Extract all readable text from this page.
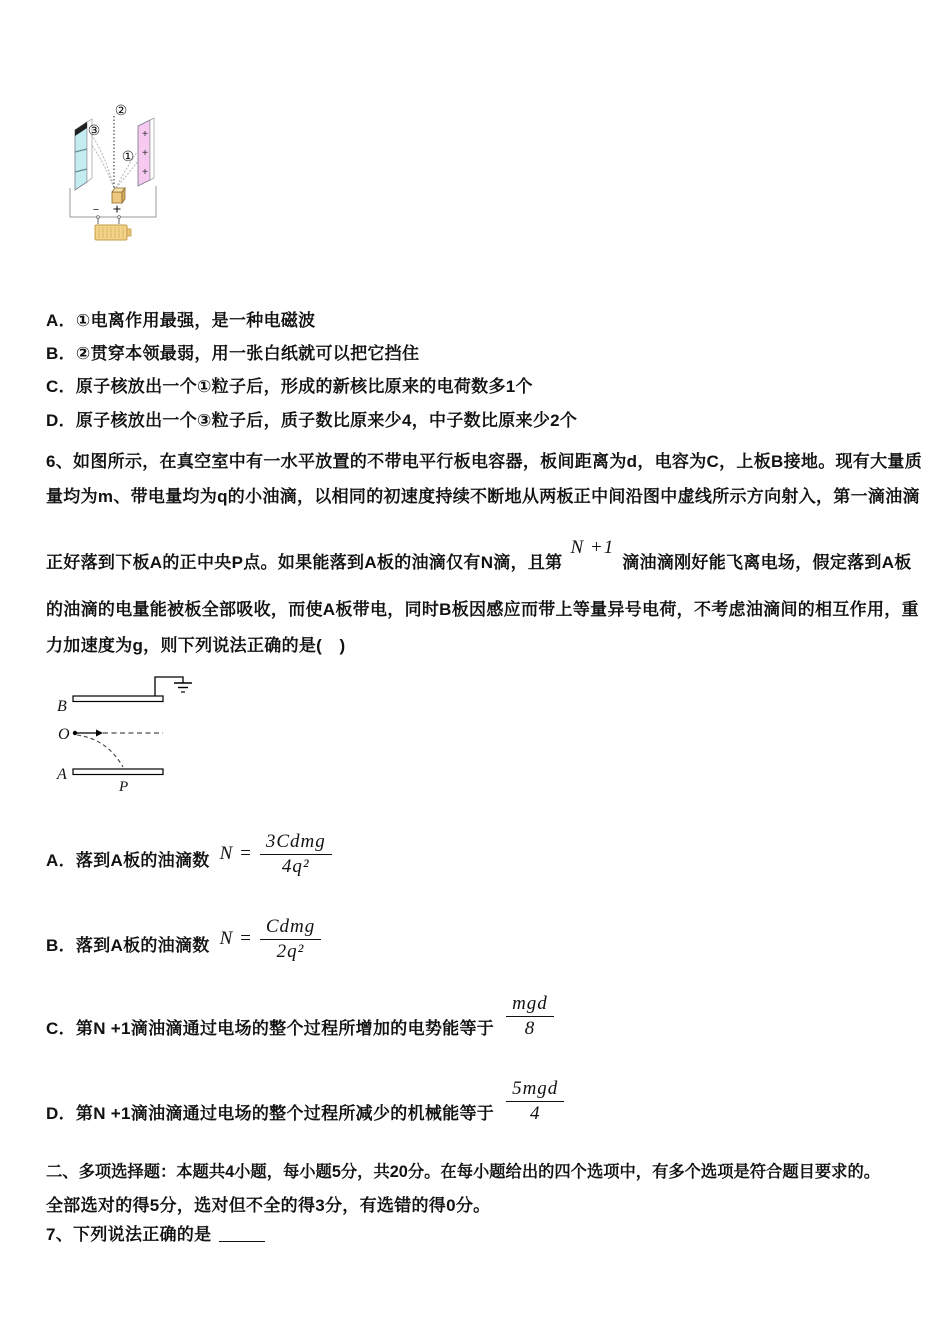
+
+
+
②
③
①
− +
A．①电离作用最强，是一种电磁波
B．②贯穿本领最弱，用一张白纸就可以把它挡住
C．原子核放出一个①粒子后，形成的新核比原来的电荷数多1个
D．原子核放出一个③粒子后，质子数比原来少4，中子数比原来少2个
6、如图所示，在真空室中有一水平放置的不带电平行板电容器，板间距离为d，电容为C，上板B接地。现有大量质
量均为m、带电量均为q的小油滴，以相同的初速度持续不断地从两板正中间沿图中虚线所示方向射入，第一滴油滴
正好落到下板A的正中央P点。如果能落到A板的油滴仅有N滴，且第N +1滴油滴刚好能飞离电场，假定落到A板
的油滴的电量能被板全部吸收，而使A板带电，同时B板因感应而带上等量异号电荷，不考虑油滴间的相互作用，重
力加速度为g，则下列说法正确的是(　)
B
O
A
P
A． 落到A板的油滴数 $N = \frac{\text{3Cdmg}}{\text{4q²}}$
B． 落到A板的油滴数 $N = \frac{\text{Cdmg}}{\text{2q²}}$
C． 第N +1滴油滴通过电场的整个过程所增加的电势能等于 $\frac{\text{mgd}}{8}$
D． 第N +1滴油滴通过电场的整个过程所减少的机械能等于 $\frac{\text{5mgd}}{4}$
二、多项选择题：本题共4小题，每小题5分，共20分。在每小题给出的四个选项中，有多个选项是符合题目要求的。
全部选对的得5分，选对但不全的得3分，有选错的得0分。
7、下列说法正确的是
